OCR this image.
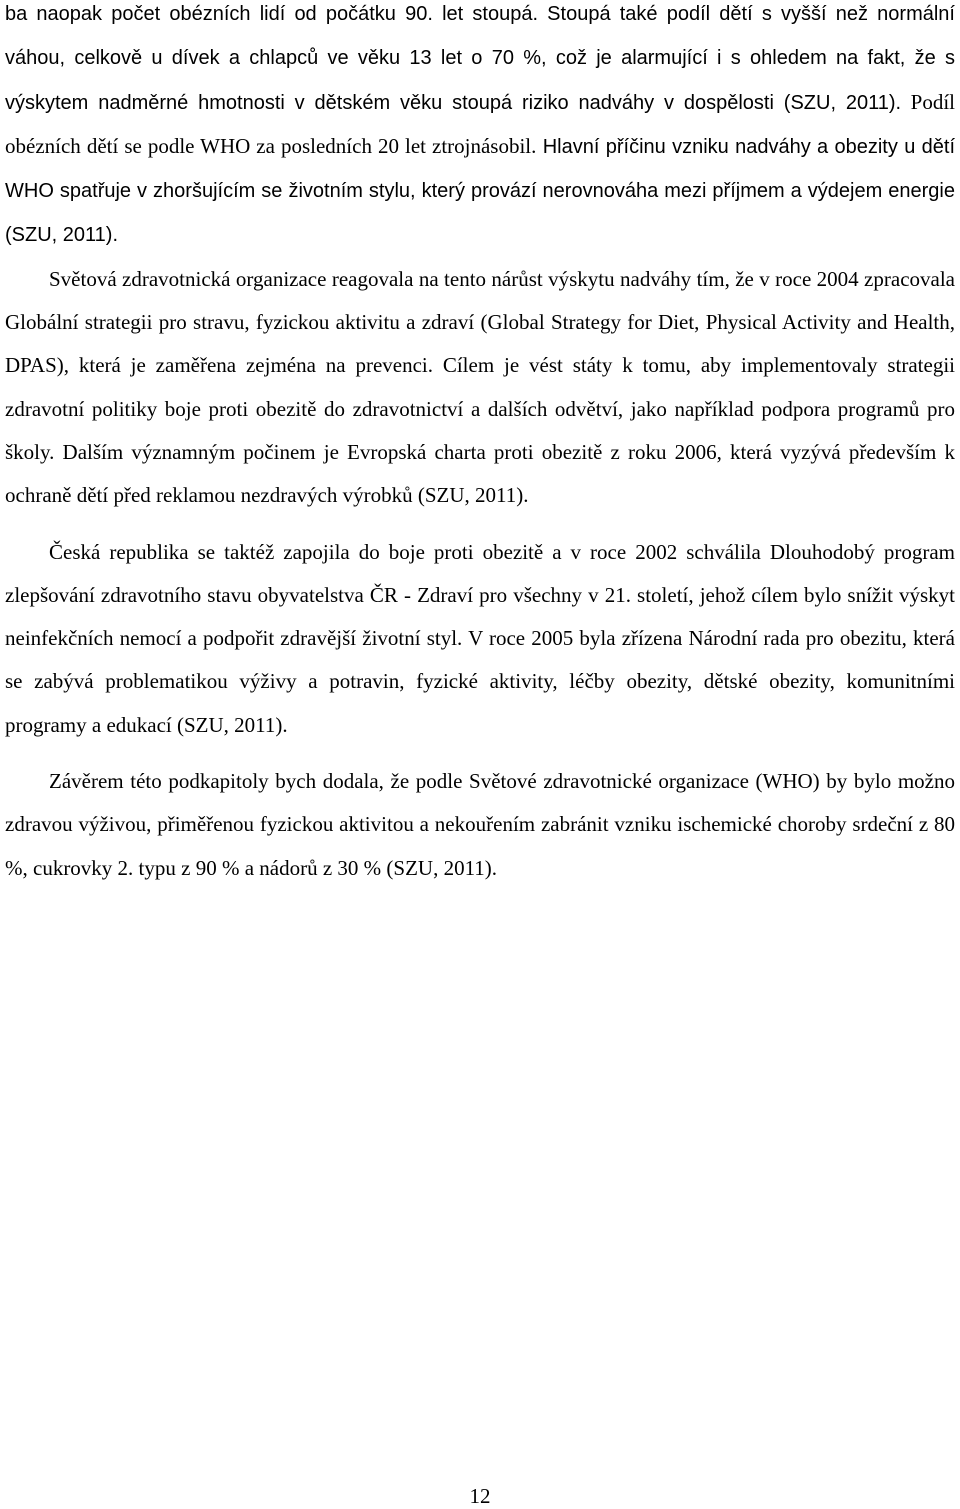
ba naopak počet obézních lidí od počátku 90. let stoupá. Stoupá také podíl dětí s vyšší než normální váhou, celkově u dívek a chlapců ve věku 13 let o 70 %, což je alarmující i s ohledem na fakt, že s výskytem nadměrné hmotnosti v dětském věku stoupá riziko nadváhy v dospělosti (SZU, 2011). Podíl obézních dětí se podle WHO za posledních 20 let ztrojnásobil. Hlavní příčinu vzniku nadváhy a obezity u dětí WHO spatřuje v zhoršujícím se životním stylu, který provází nerovnováha mezi příjmem a výdejem energie (SZU, 2011).

Světová zdravotnická organizace reagovala na tento nárůst výskytu nadváhy tím, že v roce 2004 zpracovala Globální strategii pro stravu, fyzickou aktivitu a zdraví (Global Strategy for Diet, Physical Activity and Health, DPAS), která je zaměřena zejména na prevenci. Cílem je vést státy k tomu, aby implementovaly strategii zdravotní politiky boje proti obezitě do zdravotnictví a dalších odvětví, jako například podpora programů pro školy. Dalším významným počinem je Evropská charta proti obezitě z roku 2006, která vyzývá především k ochraně dětí před reklamou nezdravých výrobků (SZU, 2011).

Česká republika se taktéž zapojila do boje proti obezitě a v roce 2002 schválila Dlouhodobý program zlepšování zdravotního stavu obyvatelstva ČR - Zdraví pro všechny v 21. století, jehož cílem bylo snížit výskyt neinfekčních nemocí a podpořit zdravější životní styl. V roce 2005 byla zřízena Národní rada pro obezitu, která se zabývá problematikou výživy a potravin, fyzické aktivity, léčby obezity, dětské obezity, komunitními programy a edukací (SZU, 2011).

Závěrem této podkapitoly bych dodala, že podle Světové zdravotnické organizace (WHO) by bylo možno zdravou výživou, přiměřenou fyzickou aktivitou a nekouřením zabránit vzniku ischemické choroby srdeční z 80 %, cukrovky 2. typu z 90 % a nádorů z 30 % (SZU, 2011).

12
